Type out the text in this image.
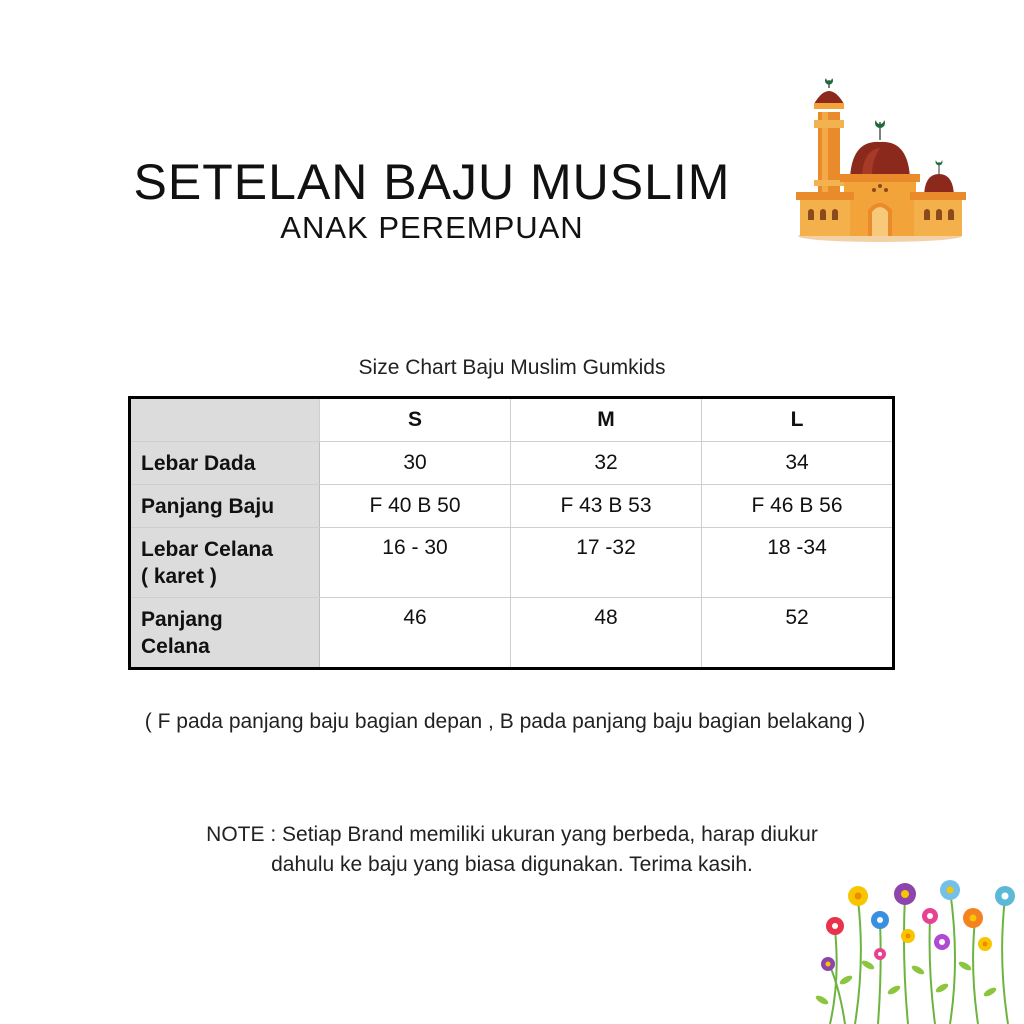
SETELAN BAJU MUSLIM
ANAK PEREMPUAN
Size Chart Baju Muslim Gumkids
	S	M	L
Lebar Dada	30	32	34
Panjang Baju	F 40 B 50	F 43 B 53	F 46 B 56

Lebar Celana
( karet )	16 - 30	17 -32	18 -34

Panjang
Celana	46	48	52
( F pada panjang baju bagian depan , B pada panjang baju bagian belakang )
NOTE : Setiap Brand memiliki ukuran yang berbeda, harap diukur
dahulu ke baju yang biasa digunakan. Terima kasih.
